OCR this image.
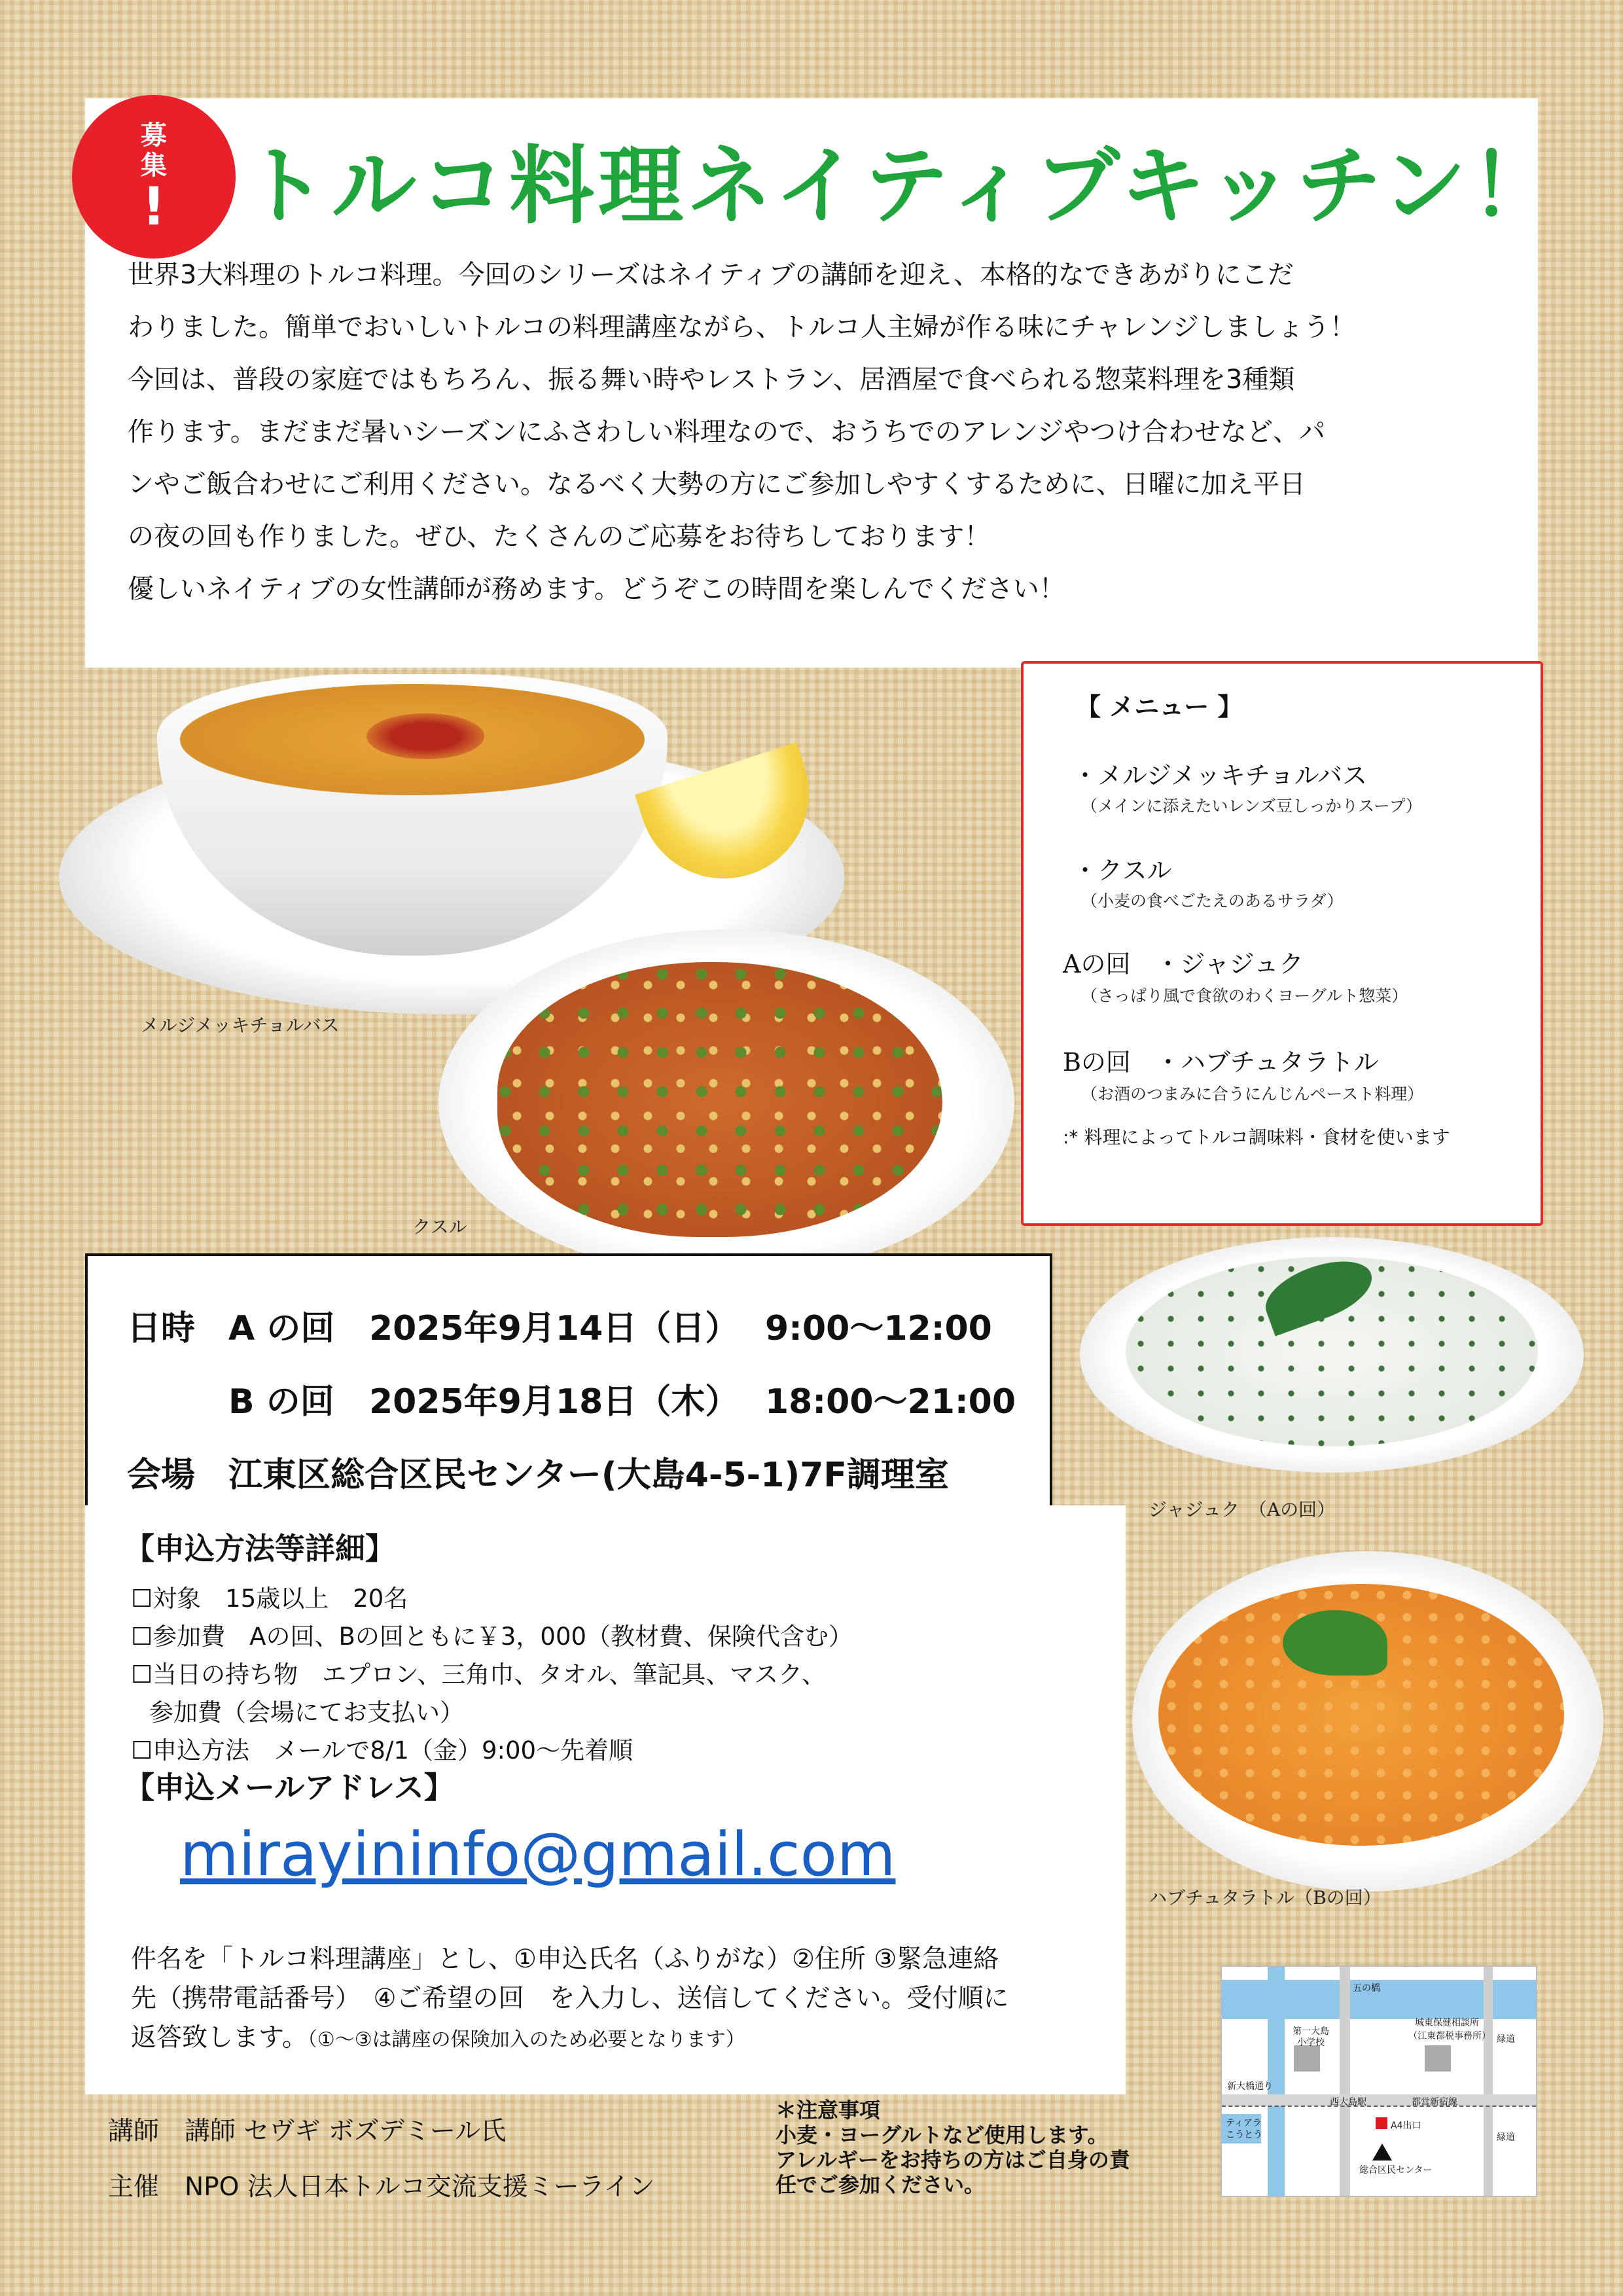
募
集
! トルコ料理ネイティブキッチン！

世界3大料理のトルコ料理。今回のシリーズはネイティブの講師を迎え、本格的なできあがりにこだ

わりました。簡単でおいしいトルコの料理講座ながら、トルコ人主婦が作る味にチャレンジしましょう！

今回は、普段の家庭ではもちろん、振る舞い時やレストラン、居酒屋で食べられる惣菜料理を3種類

作ります。まだまだ暑いシーズンにふさわしい料理なので、おうちでのアレンジやつけ合わせなど、パ

ンやご飯合わせにご利用ください。なるべく大勢の方にご参加しやすくするために、日曜に加え平日

の夜の回も作りました。ぜひ、たくさんのご応募をお待ちしております！

優しいネイティブの女性講師が務めます。どうぞこの時間を楽しんでください！

メルジメッキチョルバス
クスル
【 メニュー 】
・メルジメッキチョルバス
（メインに添えたいレンズ豆しっかりスープ）
・クスル
（小麦の食べごたえのあるサラダ）
Aの回　・ジャジュク
（さっぱり風で食欲のわくヨーグルト惣菜）
Bの回　・ハブチュタラトル
（お酒のつまみに合うにんじんペースト料理）
:* 料理によってトルコ調味料・食材を使います
日時 A の回 2025年9月14日（日） 9:00〜12:00
B の回 2025年9月18日（木） 18:00〜21:00
会場 江東区総合区民センター(大島4-5-1)7F調理室
ジャジュク　（Aの回）
ハブチュタラトル（Bの回）
【申込方法等詳細】
☐対象　15歳以上　20名
☐参加費　Aの回、Bの回ともに￥3，000（教材費、保険代含む）
☐当日の持ち物　エプロン、三角巾、タオル、筆記具、マスク、
参加費（会場にてお支払い）
☐申込方法　メールで8/1（金）9:00〜先着順
【申込メールアドレス】
mirayininfo@gmail.com
件名を「トルコ料理講座」とし、①申込氏名（ふりがな）②住所 ③緊急連絡
先（携帯電話番号）　④ご希望の回　を入力し、送信してください。受付順に
返答致します。（①〜③は講座の保険加入のため必要となります）
講師　講師 セヴギ ボズデミール氏
主催　NPO 法人日本トルコ交流支援ミーライン
＊注意事項
小麦・ヨーグルトなど使用します。
アレルギーをお持ちの方はご自身の責
任でご参加ください。
五の橋
城東保健相談所
（江東都税事務所）
第一大島
小学校
新大橋通り
都営新宿線
西大島駅
A4出口
総合区民センター
ティアラ
こうとう
緑道
緑道
